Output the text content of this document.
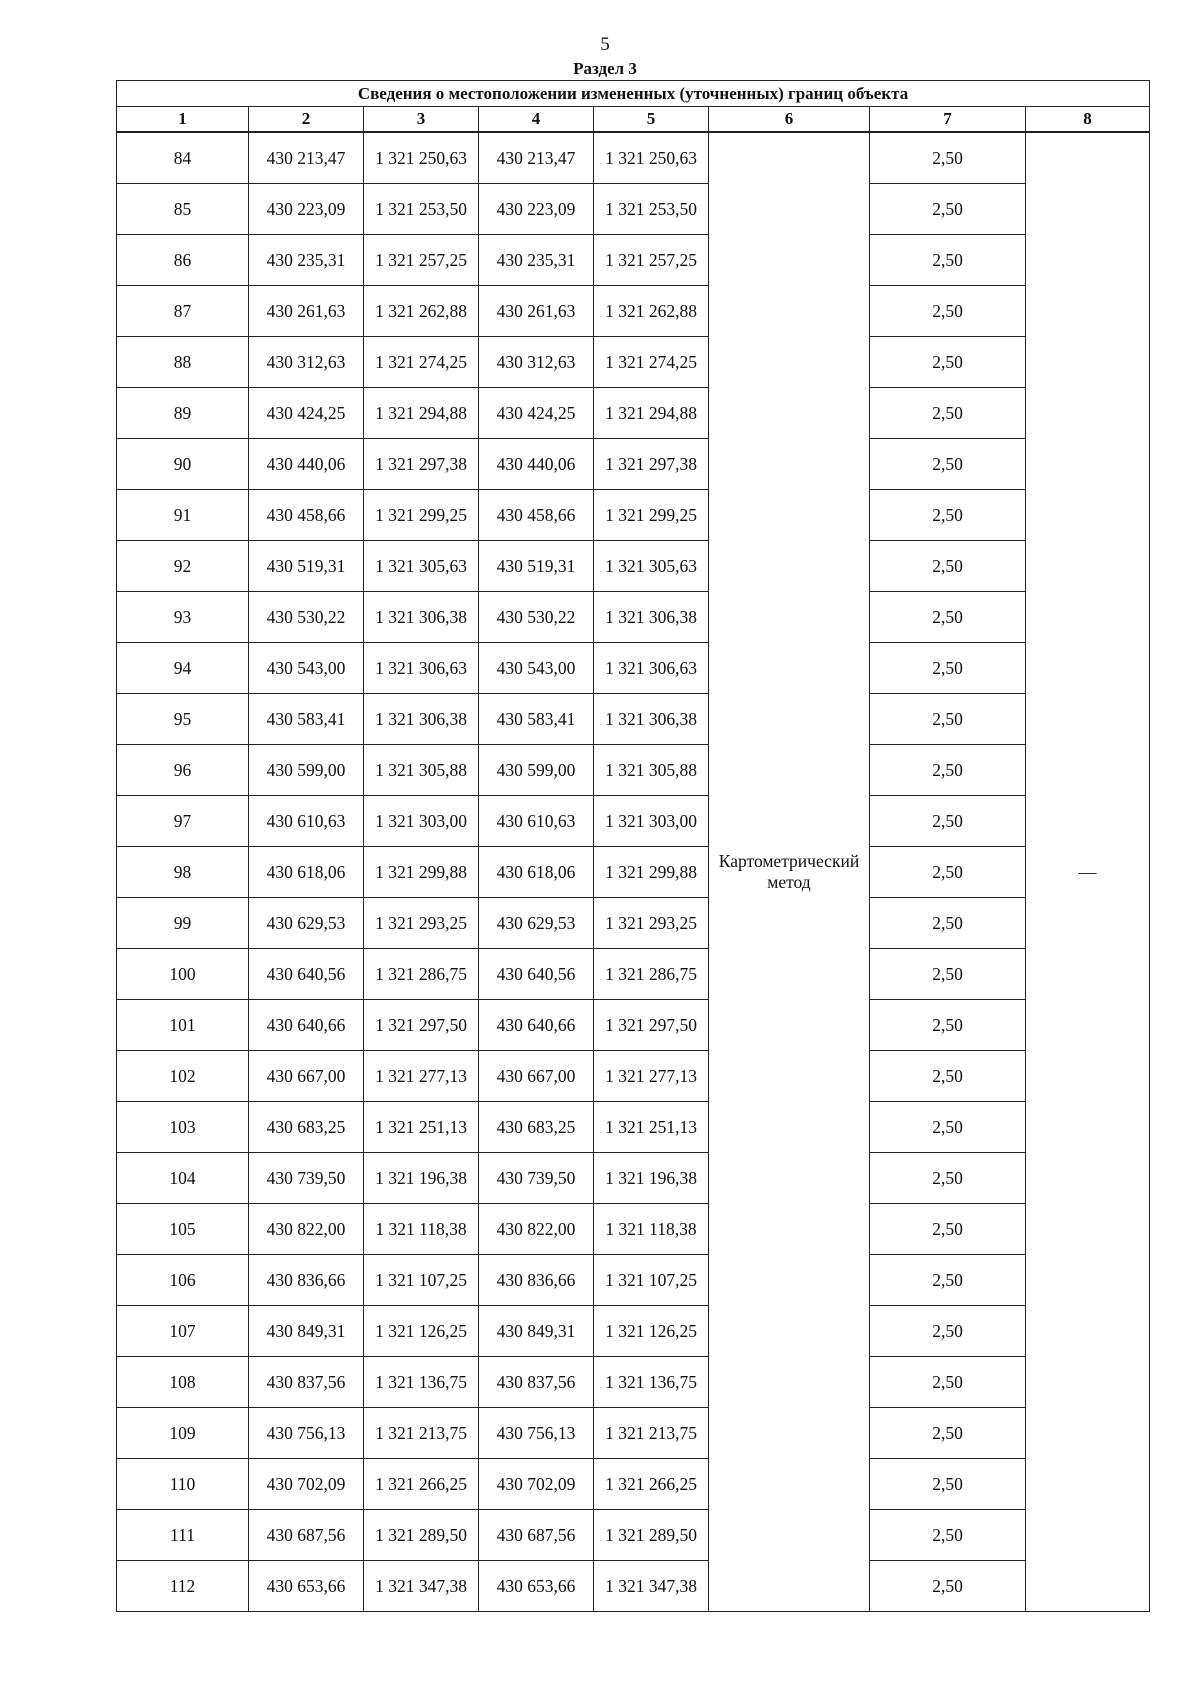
5
Раздел 3
Сведения о местоположении измененных (уточненных) границ объекта							
1	2	3	4	5	6	7	8
84	430 213,47	1 321 250,63	430 213,47	1 321 250,63	Картометрический метод	2,50	—
85	430 223,09	1 321 253,50	430 223,09	1 321 253,50		2,50	
86	430 235,31	1 321 257,25	430 235,31	1 321 257,25		2,50	
87	430 261,63	1 321 262,88	430 261,63	1 321 262,88		2,50	
88	430 312,63	1 321 274,25	430 312,63	1 321 274,25		2,50	
89	430 424,25	1 321 294,88	430 424,25	1 321 294,88		2,50	
90	430 440,06	1 321 297,38	430 440,06	1 321 297,38		2,50	
91	430 458,66	1 321 299,25	430 458,66	1 321 299,25		2,50	
92	430 519,31	1 321 305,63	430 519,31	1 321 305,63		2,50	
93	430 530,22	1 321 306,38	430 530,22	1 321 306,38		2,50	
94	430 543,00	1 321 306,63	430 543,00	1 321 306,63		2,50	
95	430 583,41	1 321 306,38	430 583,41	1 321 306,38		2,50	
96	430 599,00	1 321 305,88	430 599,00	1 321 305,88		2,50	
97	430 610,63	1 321 303,00	430 610,63	1 321 303,00		2,50	
98	430 618,06	1 321 299,88	430 618,06	1 321 299,88		2,50	
99	430 629,53	1 321 293,25	430 629,53	1 321 293,25		2,50	
100	430 640,56	1 321 286,75	430 640,56	1 321 286,75		2,50	
101	430 640,66	1 321 297,50	430 640,66	1 321 297,50		2,50	
102	430 667,00	1 321 277,13	430 667,00	1 321 277,13		2,50	
103	430 683,25	1 321 251,13	430 683,25	1 321 251,13		2,50	
104	430 739,50	1 321 196,38	430 739,50	1 321 196,38		2,50	
105	430 822,00	1 321 118,38	430 822,00	1 321 118,38		2,50	
106	430 836,66	1 321 107,25	430 836,66	1 321 107,25		2,50	
107	430 849,31	1 321 126,25	430 849,31	1 321 126,25		2,50	
108	430 837,56	1 321 136,75	430 837,56	1 321 136,75		2,50	
109	430 756,13	1 321 213,75	430 756,13	1 321 213,75		2,50	
110	430 702,09	1 321 266,25	430 702,09	1 321 266,25		2,50	
111	430 687,56	1 321 289,50	430 687,56	1 321 289,50		2,50	
112	430 653,66	1 321 347,38	430 653,66	1 321 347,38		2,50	
